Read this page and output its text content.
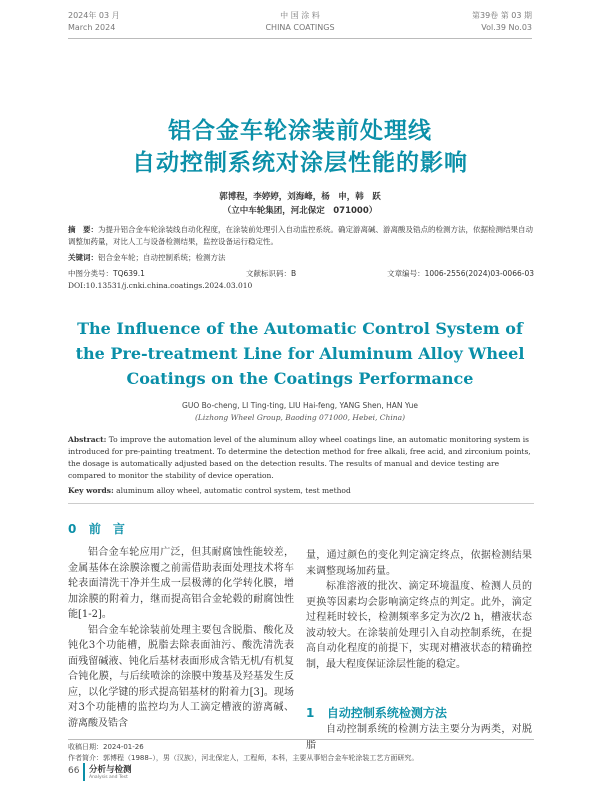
2024年 03 月
March 2024
中 国 涂 料
CHINA COATINGS
第39卷 第 03 期
Vol.39 No.03
铝合金车轮涂装前处理线
自动控制系统对涂层性能的影响
郭博程，李婷婷，刘海峰，杨　申，韩　跃
（立中车轮集团，河北保定　071000）
摘　要：为提升铝合金车轮涂装线自动化程度，在涂装前处理引入自动监控系统。确定游离碱、游离酸及锆点的检测方法，依据检测结果自动调整加药量，对比人工与设备检测结果，监控设备运行稳定性。
关键词：铝合金车轮；自动控制系统；检测方法
中图分类号：TQ639.1	文献标识码：B	文章编号：1006-2556(2024)03-0066-03
DOI:10.13531/j.cnki.china.coatings.2024.03.010
The Influence of the Automatic Control System of the Pre-treatment Line for Aluminum Alloy Wheel Coatings on the Coatings Performance
GUO Bo-cheng, LI Ting-ting, LIU Hai-feng, YANG Shen, HAN Yue
(Lizhong Wheel Group, Baoding 071000, Hebei, China)
Abstract: To improve the automation level of the aluminum alloy wheel coatings line, an automatic monitoring system is introduced for pre-painting treatment. To determine the detection method for free alkali, free acid, and zirconium points, the dosage is automatically adjusted based on the detection results. The results of manual and device testing are compared to monitor the stability of device operation.
Key words: aluminum alloy wheel, automatic control system, test method
0 前　言

铝合金车轮应用广泛，但其耐腐蚀性能较差，金属基体在涂膜涂覆之前需借助表面处理技术将车轮表面清洗干净并生成一层极薄的化学转化膜，增加涂膜的附着力，继而提高铝合金轮毂的耐腐蚀性能[1-2]。

铝合金车轮涂装前处理主要包含脱脂、酸化及钝化3个功能槽，脱脂去除表面油污、酸洗清洗表面残留碱液、钝化后基材表面形成含锆无机/有机复合钝化膜，与后续喷涂的涂膜中羧基及羟基发生反应，以化学键的形式提高铝基材的附着力[3]。现场对3个功能槽的监控均为人工滴定槽液的游离碱、游离酸及锆含

量，通过颜色的变化判定滴定终点，依据检测结果来调整现场加药量。

标准溶液的批次、滴定环境温度、检测人员的更换等因素均会影响滴定终点的判定。此外，滴定过程耗时较长，检测频率多定为次/2 h，槽液状态波动较大。在涂装前处理引入自动控制系统，在提高自动化程度的前提下，实现对槽液状态的精确控制，最大程度保证涂层性能的稳定。

1 自动控制系统检测方法

自动控制系统的检测方法主要分为两类，对脱脂

收稿日期：2024-01-26
作者简介：郭博程（1988–），男（汉族），河北保定人，工程师，本科，主要从事铝合金车轮涂装工艺方面研究。
66 分析与检测
Analysis and Test
